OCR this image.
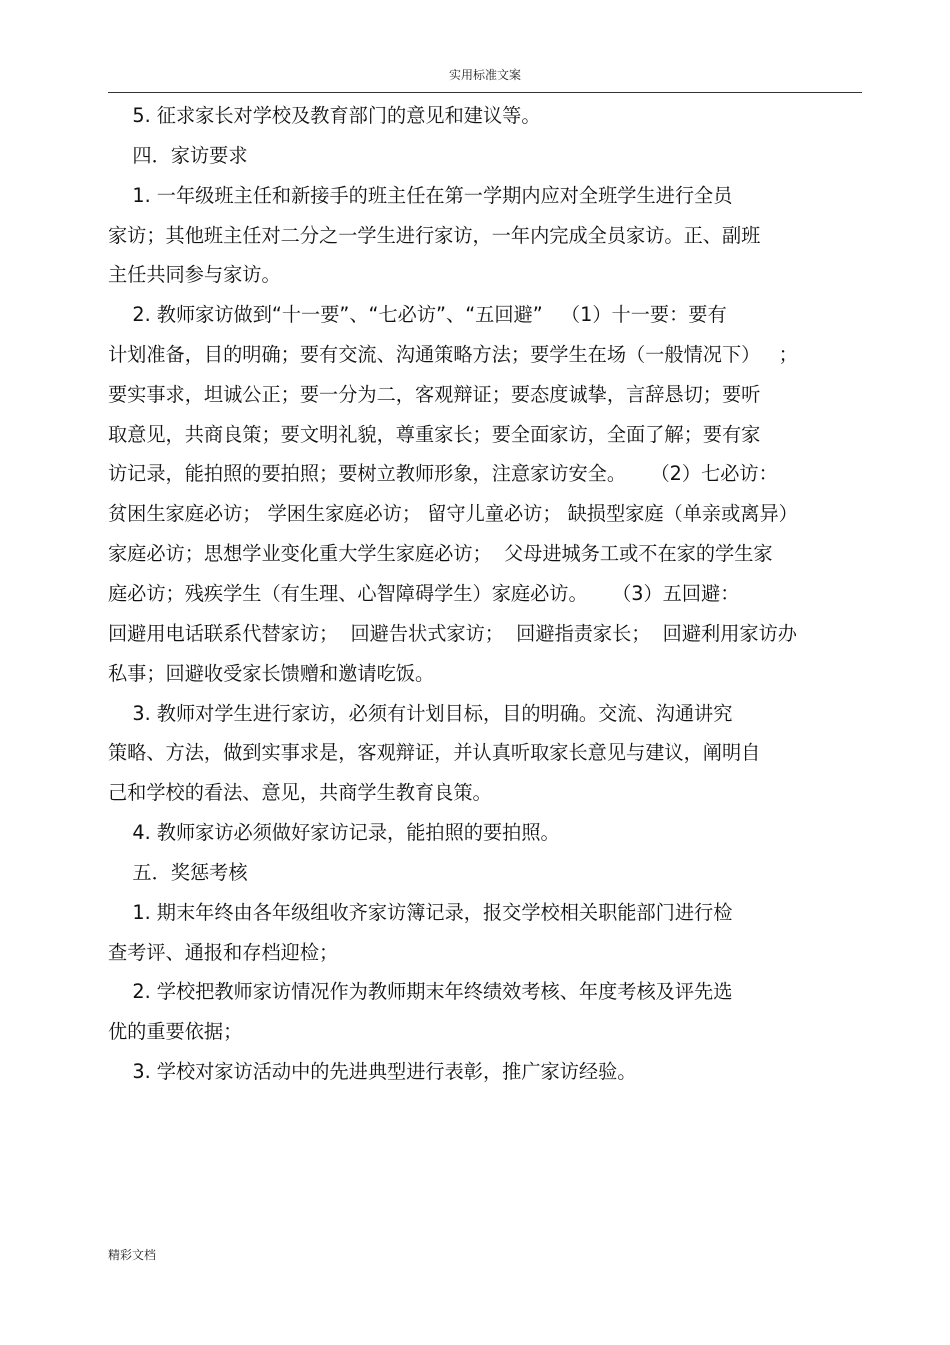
实用标准文案
5. 征求家长对学校及教育部门的意见和建议等。
四．家访要求
1. 一年级班主任和新接手的班主任在第一学期内应对全班学生进行全员
家访；其他班主任对二分之一学生进行家访，一年内完成全员家访。正、副班
主任共同参与家访。
2. 教师家访做到“十一要”、“七必访”、“五回避”   （1）十一要：要有
计划准备，目的明确；要有交流、沟通策略方法；要学生在场（一般情况下）   ；
要实事求，坦诚公正；要一分为二，客观辩证；要态度诚挚，言辞恳切；要听
取意见，共商良策；要文明礼貌，尊重家长；要全面家访，全面了解；要有家
访记录，能拍照的要拍照；要树立教师形象，注意家访安全。    （2）七必访：
贫困生家庭必访； 学困生家庭必访； 留守儿童必访； 缺损型家庭（单亲或离异）
家庭必访；思想学业变化重大学生家庭必访；  父母进城务工或不在家的学生家
庭必访；残疾学生（有生理、心智障碍学生）家庭必访。    （3）五回避：
回避用电话联系代替家访；  回避告状式家访；  回避指责家长；  回避利用家访办
私事；回避收受家长馈赠和邀请吃饭。
3. 教师对学生进行家访，必须有计划目标，目的明确。交流、沟通讲究
策略、方法，做到实事求是，客观辩证，并认真听取家长意见与建议，阐明自
己和学校的看法、意见，共商学生教育良策。
4. 教师家访必须做好家访记录，能拍照的要拍照。
五．奖惩考核
1. 期末年终由各年级组收齐家访簿记录，报交学校相关职能部门进行检
查考评、通报和存档迎检；
2. 学校把教师家访情况作为教师期末年终绩效考核、年度考核及评先选
优的重要依据；
3. 学校对家访活动中的先进典型进行表彰，推广家访经验。
精彩文档
